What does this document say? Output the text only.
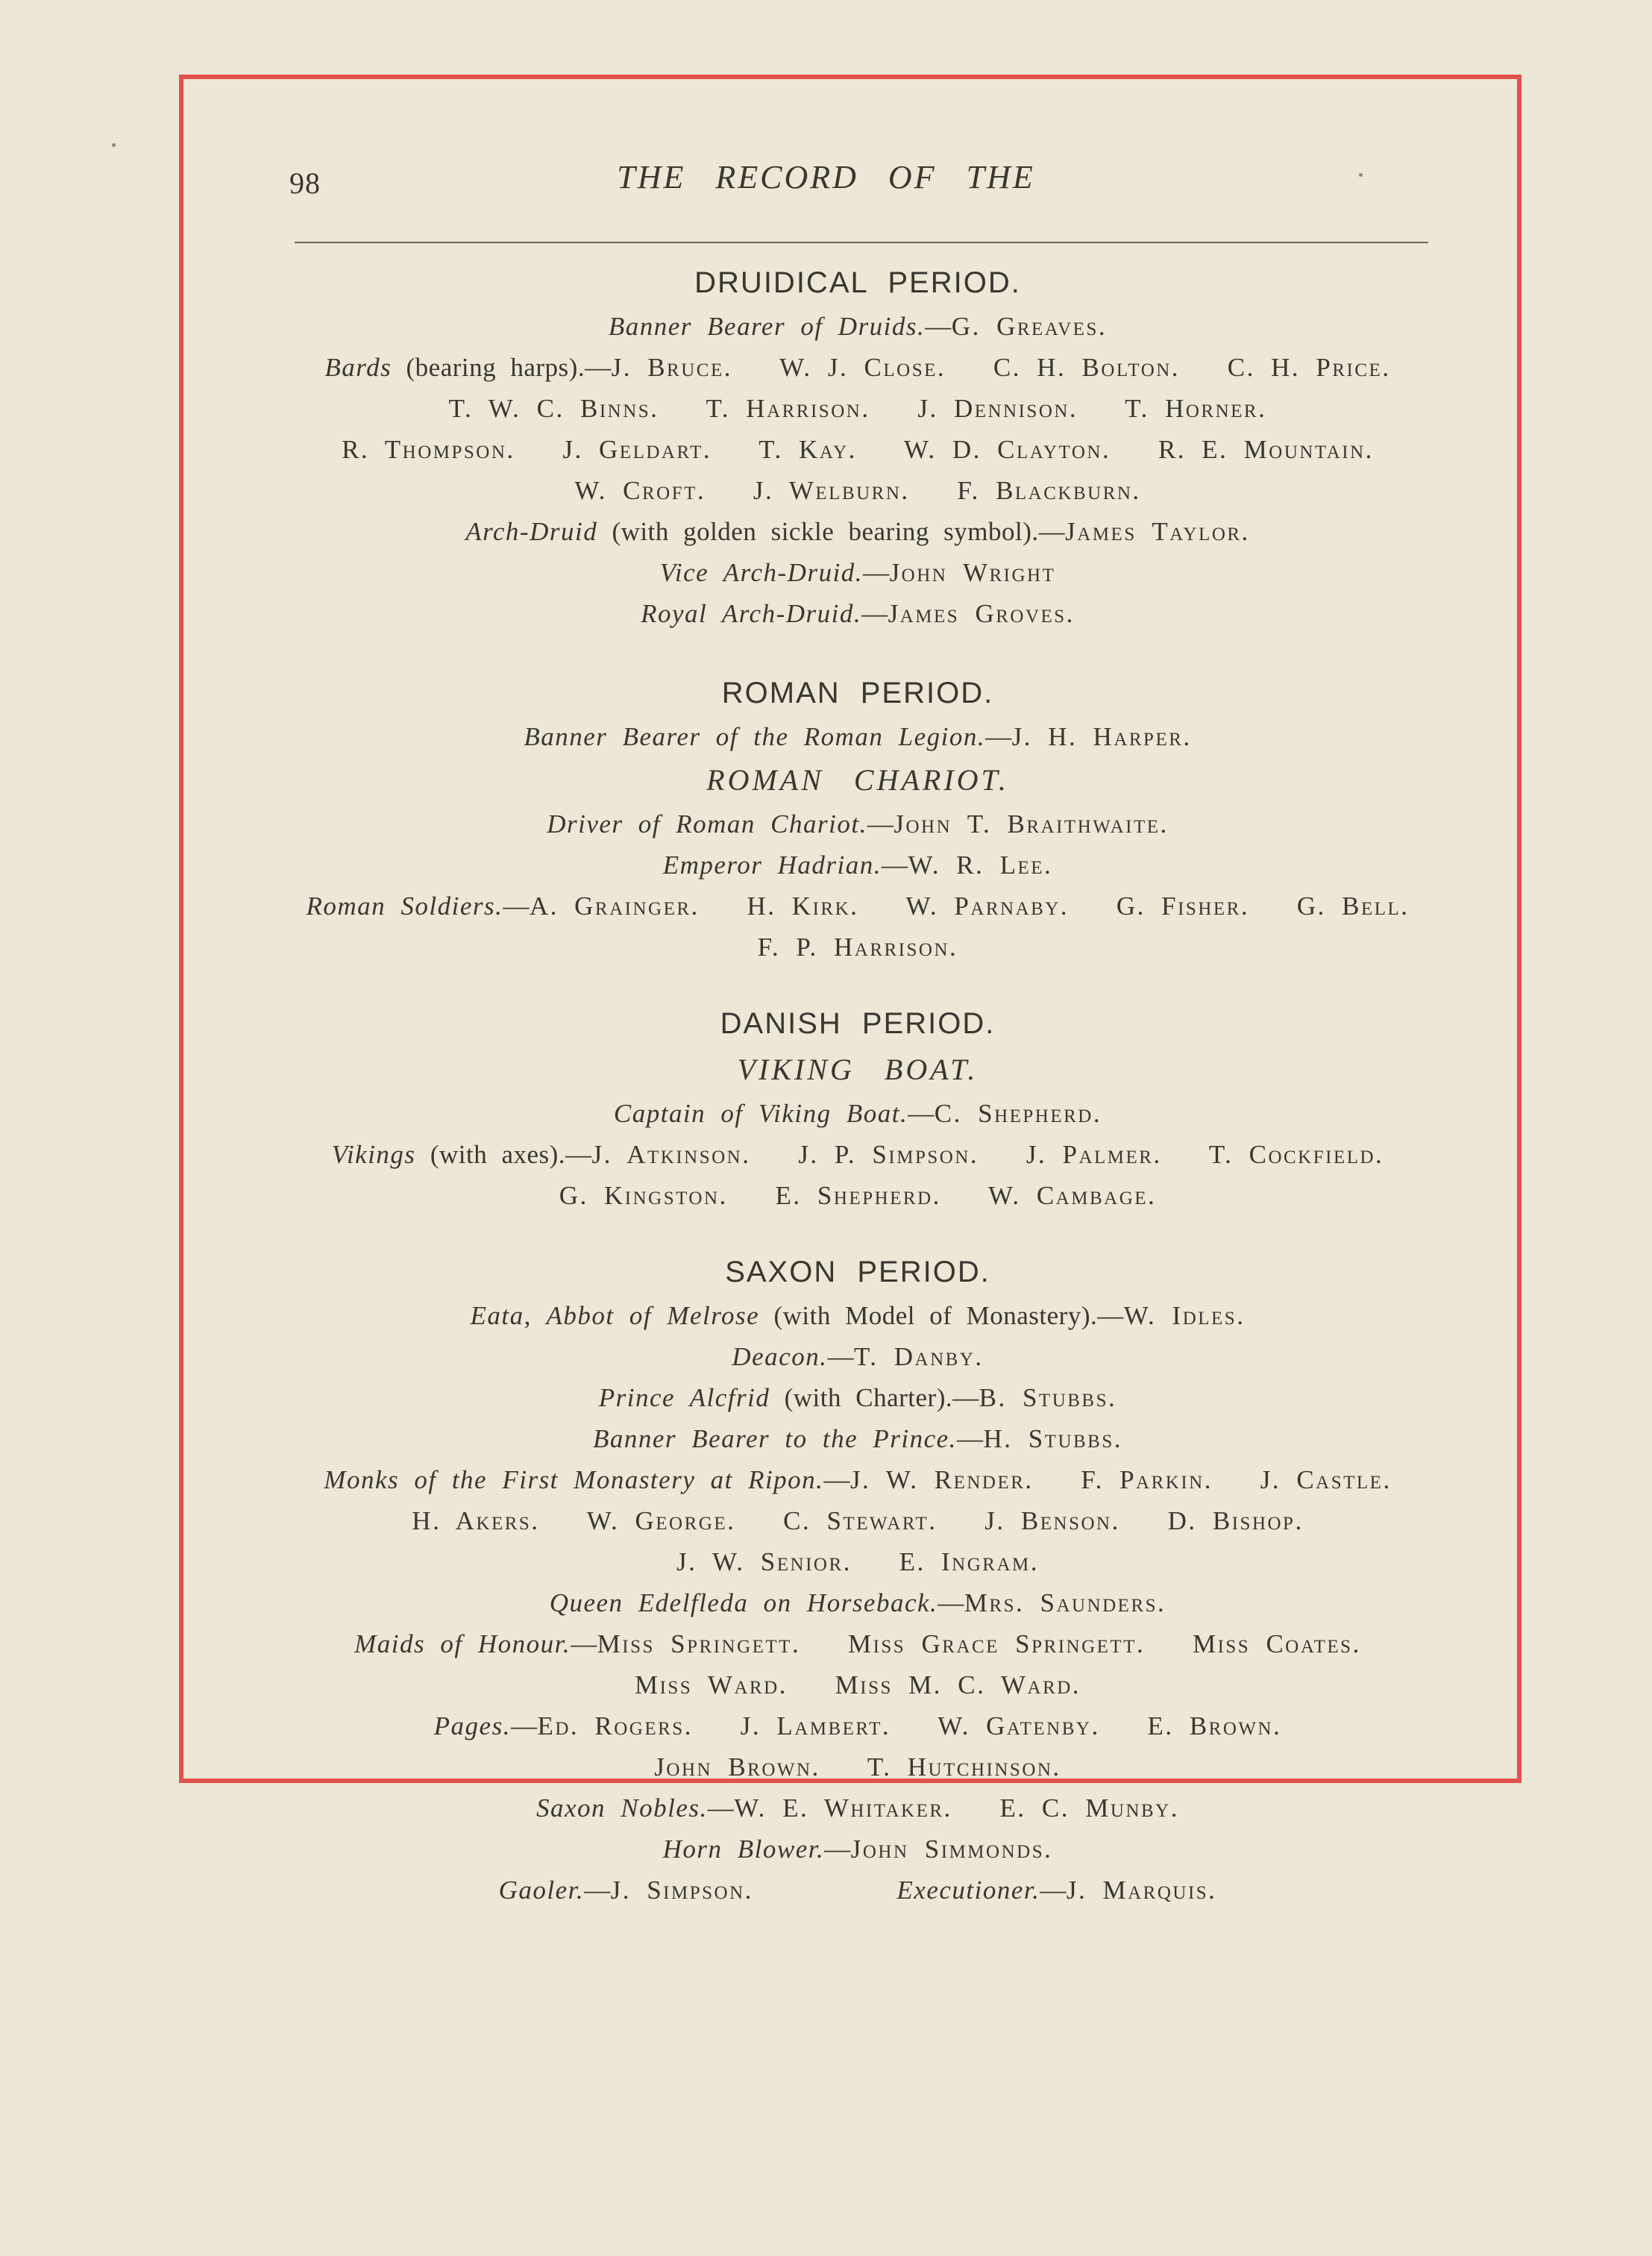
98	THE RECORD OF THE
DRUIDICAL PERIOD.
Banner Bearer of Druids.—G. Greaves.
Bards (bearing harps).—J. Bruce.   W. J. Close.   C. H. Bolton.   C. H. Price.
T. W. C. Binns.   T. Harrison.   J. Dennison.   T. Horner.
R. Thompson.   J. Geldart.   T. Kay.   W. D. Clayton.   R. E. Mountain.
W. Croft.   J. Welburn.   F. Blackburn.
Arch-Druid (with golden sickle bearing symbol).—James Taylor.
Vice Arch-Druid.—John Wright
Royal Arch-Druid.—James Groves.
ROMAN PERIOD.
Banner Bearer of the Roman Legion.—J. H. Harper.
ROMAN CHARIOT.
Driver of Roman Chariot.—John T. Braithwaite.
Emperor Hadrian.—W. R. Lee.
Roman Soldiers.—A. Grainger.   H. Kirk.   W. Parnaby.   G. Fisher.   G. Bell.
F. P. Harrison.
DANISH PERIOD.
VIKING BOAT.
Captain of Viking Boat.—C. Shepherd.
Vikings (with axes).—J. Atkinson.   J. P. Simpson.   J. Palmer.   T. Cockfield.
G. Kingston.   E. Shepherd.   W. Cambage.
SAXON PERIOD.
Eata, Abbot of Melrose (with Model of Monastery).—W. Idles.
Deacon.—T. Danby.
Prince Alcfrid (with Charter).—B. Stubbs.
Banner Bearer to the Prince.—H. Stubbs.
Monks of the First Monastery at Ripon.—J. W. Render.   F. Parkin.   J. Castle.
H. Akers.   W. George.   C. Stewart.   J. Benson.   D. Bishop.
J. W. Senior.   E. Ingram.
Queen Edelfleda on Horseback.—Mrs. Saunders.
Maids of Honour.—Miss Springett.   Miss Grace Springett.   Miss Coates.
Miss Ward.   Miss M. C. Ward.
Pages.—Ed. Rogers.   J. Lambert.   W. Gatenby.   E. Brown.
John Brown.   T. Hutchinson.
Saxon Nobles.—W. E. Whitaker.   E. C. Munby.
Horn Blower.—John Simmonds.
Gaoler.—J. Simpson.	Executioner.—J. Marquis.
